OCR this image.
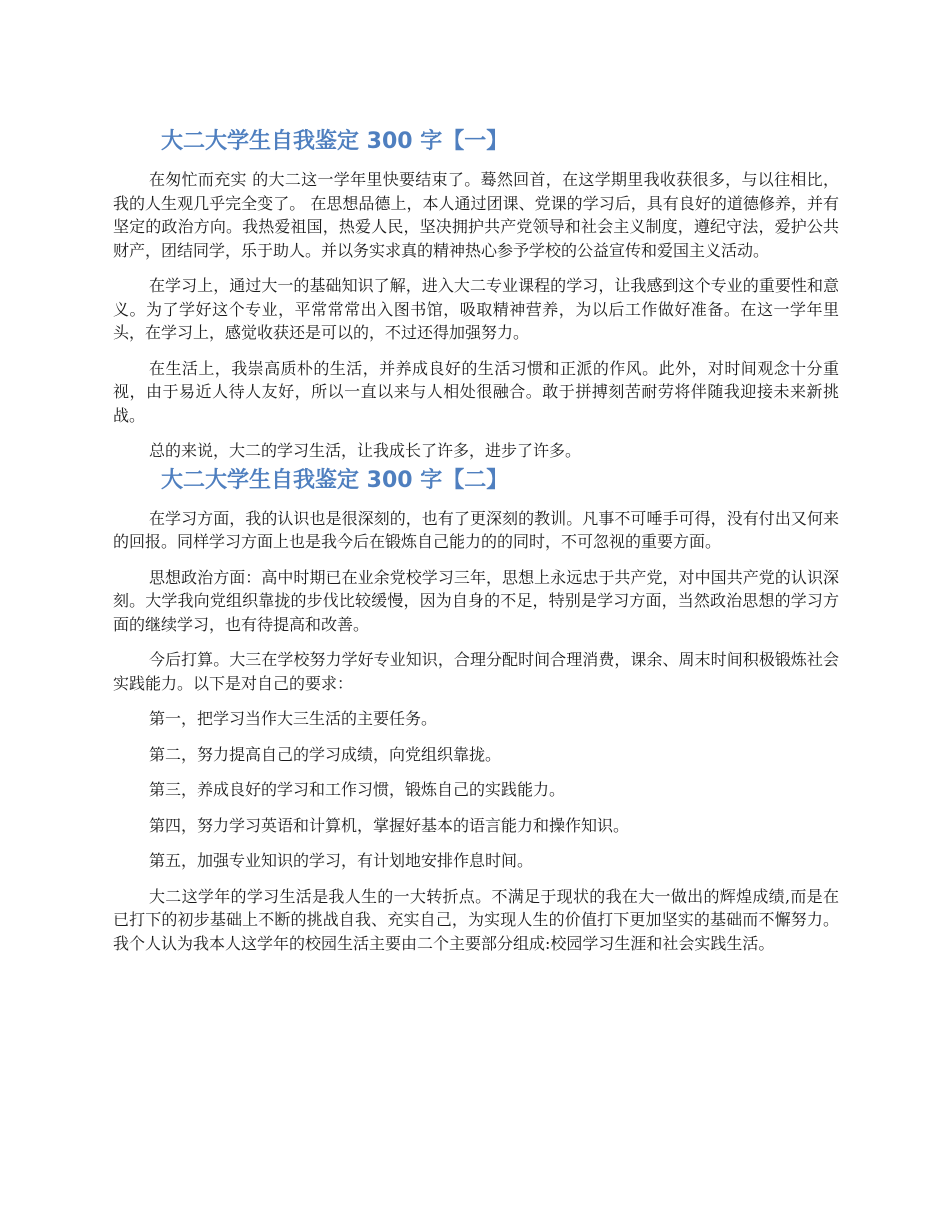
大二大学生自我鉴定 300 字【一】

在匆忙而充实 的大二这一学年里快要结束了。蓦然回首，在这学期里我收获很多，与以往相比，我的人生观几乎完全变了。 在思想品德上，本人通过团课、党课的学习后，具有良好的道德修养，并有坚定的政治方向。我热爱祖国，热爱人民，坚决拥护共产党领导和社会主义制度，遵纪守法，爱护公共财产，团结同学，乐于助人。并以务实求真的精神热心参予学校的公益宣传和爱国主义活动。

在学习上，通过大一的基础知识了解，进入大二专业课程的学习，让我感到这个专业的重要性和意义。为了学好这个专业，平常常常出入图书馆，吸取精神营养，为以后工作做好准备。在这一学年里头，在学习上，感觉收获还是可以的，不过还得加强努力。

在生活上，我崇高质朴的生活，并养成良好的生活习惯和正派的作风。此外，对时间观念十分重视，由于易近人待人友好，所以一直以来与人相处很融合。敢于拼搏刻苦耐劳将伴随我迎接未来新挑战。

总的来说，大二的学习生活，让我成长了许多，进步了许多。

大二大学生自我鉴定 300 字【二】

在学习方面，我的认识也是很深刻的，也有了更深刻的教训。凡事不可唾手可得，没有付出又何来的回报。同样学习方面上也是我今后在锻炼自己能力的的同时，不可忽视的重要方面。

思想政治方面：高中时期已在业余党校学习三年，思想上永远忠于共产党，对中国共产党的认识深刻。大学我向党组织靠拢的步伐比较缓慢，因为自身的不足，特别是学习方面，当然政治思想的学习方面的继续学习，也有待提高和改善。

今后打算。大三在学校努力学好专业知识，合理分配时间合理消费，课余、周末时间积极锻炼社会实践能力。以下是对自己的要求：

第一，把学习当作大三生活的主要任务。

第二，努力提高自己的学习成绩，向党组织靠拢。

第三，养成良好的学习和工作习惯，锻炼自己的实践能力。

第四，努力学习英语和计算机，掌握好基本的语言能力和操作知识。

第五，加强专业知识的学习，有计划地安排作息时间。

大二这学年的学习生活是我人生的一大转折点。不满足于现状的我在大一做出的辉煌成绩,而是在已打下的初步基础上不断的挑战自我、充实自己，为实现人生的价值打下更加坚实的基础而不懈努力。我个人认为我本人这学年的校园生活主要由二个主要部分组成:校园学习生涯和社会实践生活。
